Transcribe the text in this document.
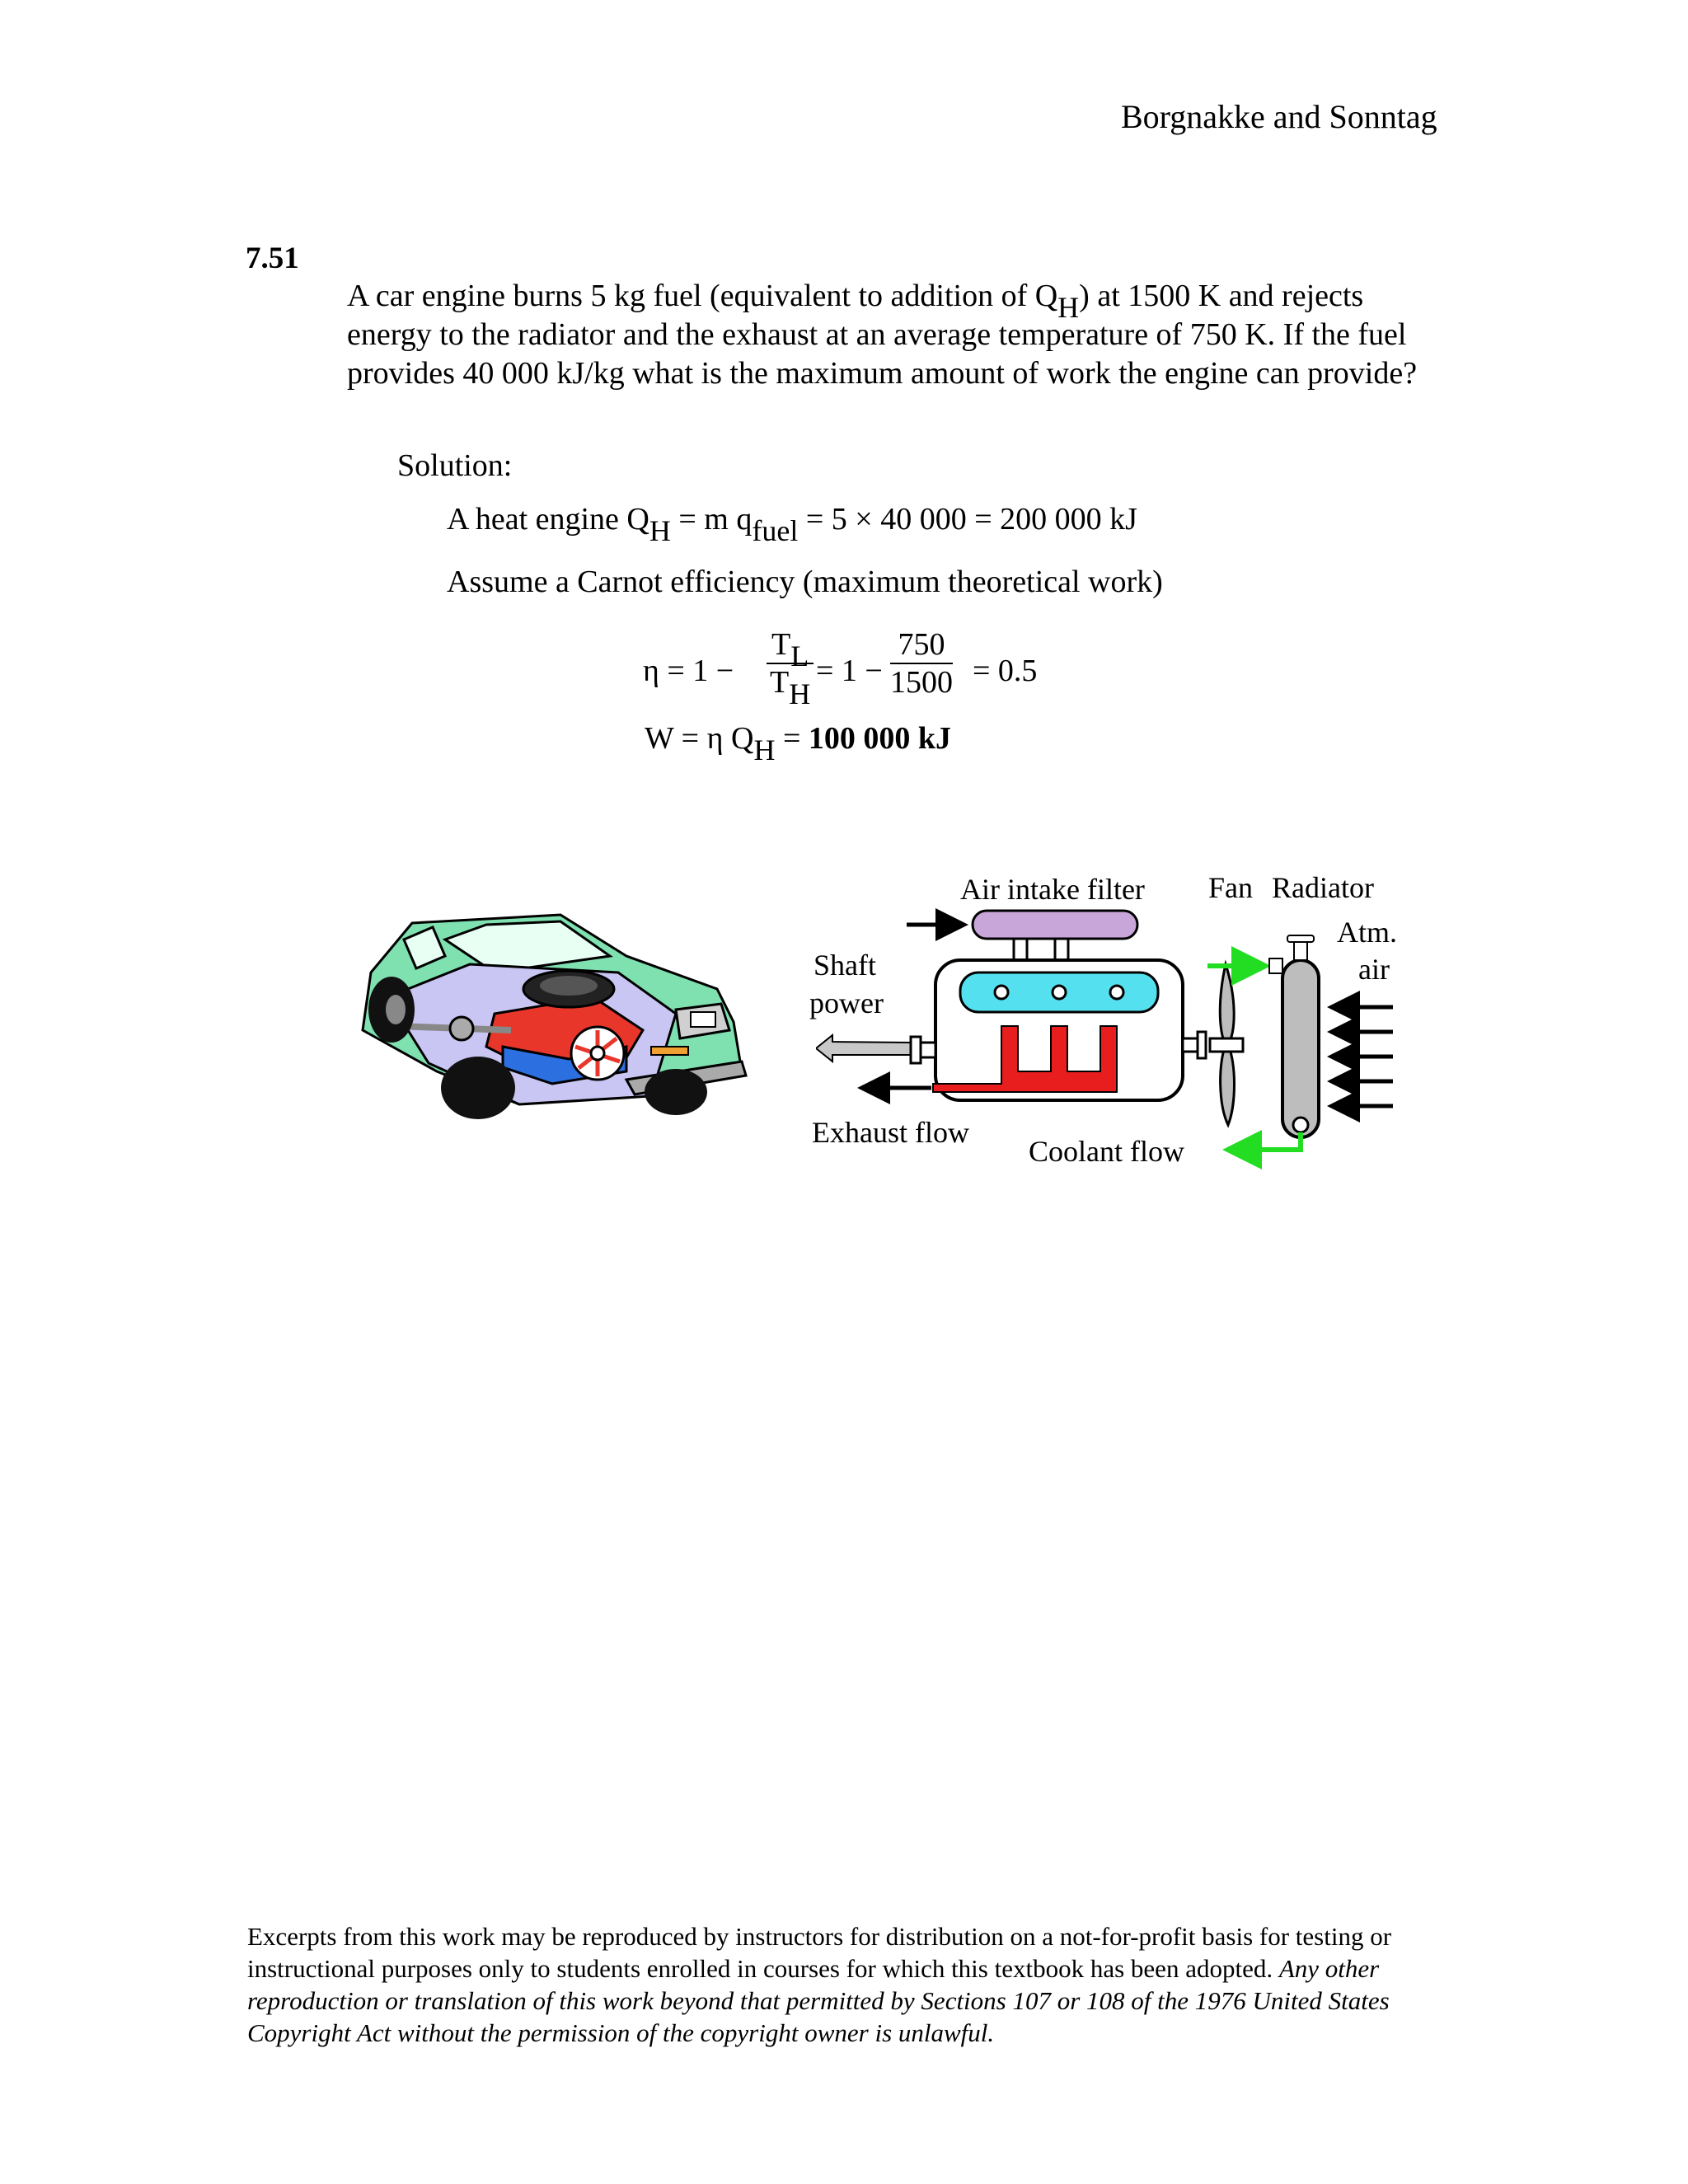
Borgnakke and Sonntag
7.51
A car engine burns 5 kg fuel (equivalent to addition of $Q_H$) at 1500 K and rejects energy to the radiator and the exhaust at an average temperature of 750 K. If the fuel provides 40 000 kJ/kg what is the maximum amount of work the engine can provide?
Solution:
A heat engine $Q_H = m$ $q_{fuel} = 5 \times 40$ 000 = 200 000 kJ
Assume a Carnot efficiency (maximum theoretical work)
$\eta = 1 - \frac{T_L}{T_H} = 1 - \frac{750}{1500} = 0.5$
W = η $Q_H = 100$ 000 kJ
Air intake filter Fan Radiator
Atm.
air
Shaft
power
Exhaust flow
Coolant flow
Excerpts from this work may be reproduced by instructors for distribution on a not-for-profit basis for testing or instructional purposes only to students enrolled in courses for which this textbook has been adopted. Any other reproduction or translation of this work beyond that permitted by Sections 107 or 108 of the 1976 United States Copyright Act without the permission of the copyright owner is unlawful.
